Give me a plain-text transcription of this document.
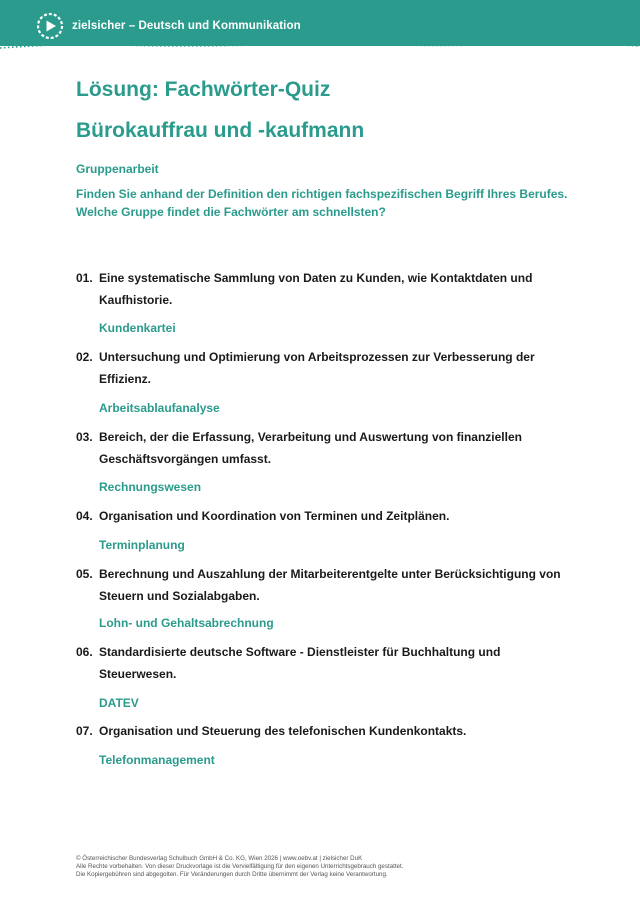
zielsicher – Deutsch und Kommunikation
Lösung: Fachwörter-Quiz
Bürokauffrau und -kaufmann
Gruppenarbeit
Finden Sie anhand der Definition den richtigen fachspezifischen Begriff Ihres Berufes.
Welche Gruppe findet die Fachwörter am schnellsten?
01. Eine systematische Sammlung von Daten zu Kunden, wie Kontaktdaten und
Kaufhistorie.
Kundenkartei
02. Untersuchung und Optimierung von Arbeitsprozessen zur Verbesserung der
Effizienz.
Arbeitsablaufanalyse
03. Bereich, der die Erfassung, Verarbeitung und Auswertung von finanziellen
Geschäftsvorgängen umfasst.
Rechnungswesen
04. Organisation und Koordination von Terminen und Zeitplänen.
Terminplanung
05. Berechnung und Auszahlung der Mitarbeiterentgelte unter Berücksichtigung von
Steuern und Sozialabgaben.
Lohn- und Gehaltsabrechnung
06. Standardisierte deutsche Software - Dienstleister für Buchhaltung und
Steuerwesen.
DATEV
07. Organisation und Steuerung des telefonischen Kundenkontakts.
Telefonmanagement
© Österreichischer Bundesverlag Schulbuch GmbH & Co. KG, Wien 2026 | www.oebv.at | zielsicher DuK
Alle Rechte vorbehalten. Von dieser Druckvorlage ist die Vervielfältigung für den eigenen Unterrichtsgebrauch gestattet.
Die Kopiergebühren sind abgegolten. Für Veränderungen durch Dritte übernimmt der Verlag keine Verantwortung.
